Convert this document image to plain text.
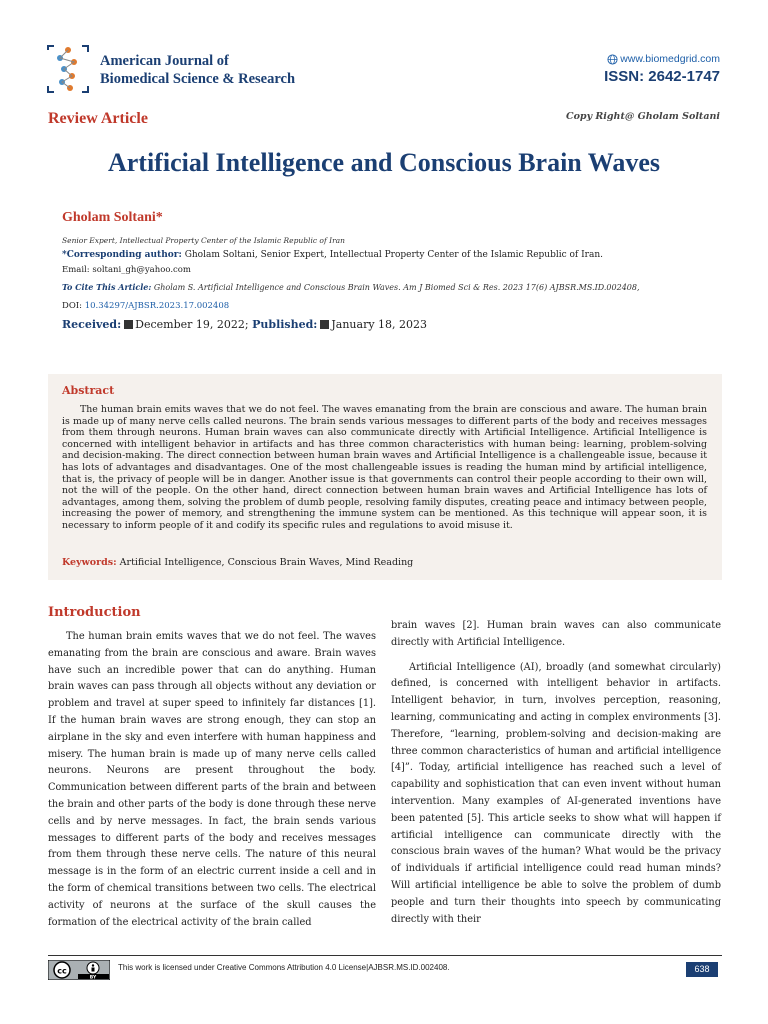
American Journal of
Biomedical Science & Research
www.biomedgrid.com
ISSN: 2642-1747
Review Article	Copy Right@ Gholam Soltani
Artificial Intelligence and Conscious Brain Waves
Gholam Soltani*
Senior Expert, Intellectual Property Center of the Islamic Republic of Iran
*Corresponding author: Gholam Soltani, Senior Expert, Intellectual Property Center of the Islamic Republic of Iran.
Email: soltani_gh@yahoo.com
To Cite This Article: Gholam S. Artificial Intelligence and Conscious Brain Waves. Am J Biomed Sci & Res. 2023 17(6) AJBSR.MS.ID.002408,
DOI: 10.34297/AJBSR.2023.17.002408
Received: December 19, 2022; Published: January 18, 2023
Abstract
The human brain emits waves that we do not feel. The waves emanating from the brain are conscious and aware. The human brain is made up of many nerve cells called neurons. The brain sends various messages to different parts of the body and receives messages from them through neurons. Human brain waves can also communicate directly with Artificial Intelligence. Artificial Intelligence is concerned with intelligent behavior in artifacts and has three common characteristics with human being: learning, problem-solving and decision-making. The direct connection between human brain waves and Artificial Intelligence is a challengeable issue, because it has lots of advantages and disadvantages. One of the most challengeable issues is reading the human mind by artificial intelligence, that is, the privacy of people will be in danger. Another issue is that governments can control their people according to their own will, not the will of the people. On the other hand, direct connection between human brain waves and Artificial Intelligence has lots of advantages, among them, solving the problem of dumb people, resolving family disputes, creating peace and intimacy between people, increasing the power of memory, and strengthening the immune system can be mentioned. As this technique will appear soon, it is necessary to inform people of it and codify its specific rules and regulations to avoid misuse it.
Keywords: Artificial Intelligence, Conscious Brain Waves, Mind Reading
Introduction

The human brain emits waves that we do not feel. The waves emanating from the brain are conscious and aware. Brain waves have such an incredible power that can do anything. Human brain waves can pass through all objects without any deviation or problem and travel at super speed to infinitely far distances [1]. If the human brain waves are strong enough, they can stop an airplane in the sky and even interfere with human happiness and misery. The human brain is made up of many nerve cells called neurons. Neurons are present throughout the body. Communication between different parts of the brain and between the brain and other parts of the body is done through these nerve cells and by nerve messages. In fact, the brain sends various messages to different parts of the body and receives messages from them through these nerve cells. The nature of this neural message is in the form of an electric current inside a cell and in the form of chemical transitions between two cells. The electrical activity of neurons at the surface of the skull causes the formation of the electrical activity of the brain called

brain waves [2]. Human brain waves can also communicate directly with Artificial Intelligence.

Artificial Intelligence (AI), broadly (and somewhat circularly) defined, is concerned with intelligent behavior in artifacts. Intelligent behavior, in turn, involves perception, reasoning, learning, communicating and acting in complex environments [3]. Therefore, “learning, problem-solving and decision-making are three common characteristics of human and artificial intelligence [4]”. Today, artificial intelligence has reached such a level of capability and sophistication that can even invent without human intervention. Many examples of AI-generated inventions have been patented [5]. This article seeks to show what will happen if artificial intelligence can communicate directly with the conscious brain waves of the human? What would be the privacy of individuals if artificial intelligence could read human minds? Will artificial intelligence be able to solve the problem of dumb people and turn their thoughts into speech by communicating directly with their

cc
BY
This work is licensed under Creative Commons Attribution 4.0 License|AJBSR.MS.ID.002408.	638
